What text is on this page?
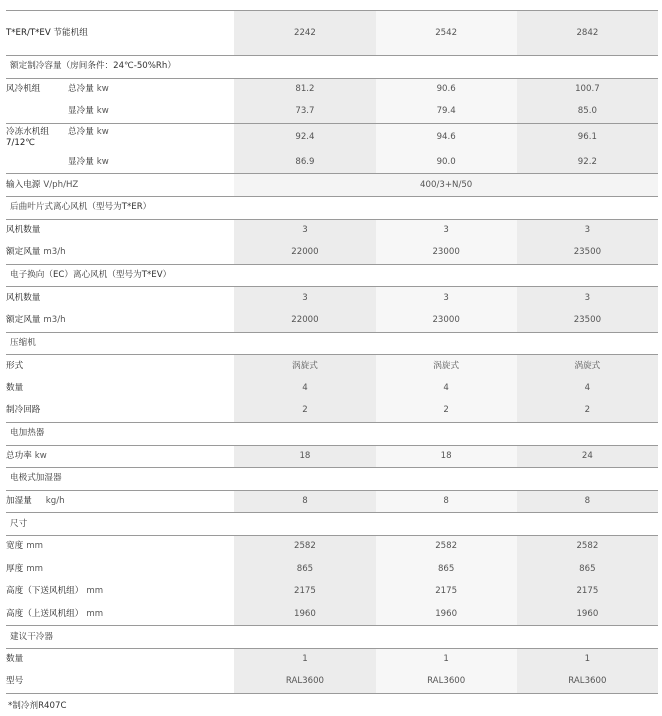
T*ER/T*EV 节能机组	2242	2542	2842
额定制冷容量（房间条件：24℃-50%Rh）			
风冷机组 总冷量 kw	81.2	90.6	100.7
显冷量 kw	73.7	79.4	85.0
冷冻水机组
7/12℃总冷量 kw	92.4	94.6	96.1
显冷量 kw	86.9	90.0	92.2
输入电源 V/ph/HZ	400/3+N/50		
后曲叶片式离心风机（型号为T*ER）			
风机数量	3	3	3
额定风量 m3/h	22000	23000	23500
电子换向（EC）离心风机（型号为T*EV）			
风机数量	3	3	3
额定风量 m3/h	22000	23000	23500
压缩机			
形式	涡旋式	涡旋式	涡旋式
数量	4	4	4
制冷回路	2	2	2
电加热器			
总功率 kw	18	18	24
电极式加湿器			
加湿量 kg/h	8	8	8
尺寸			
宽度 mm	2582	2582	2582
厚度 mm	865	865	865
高度（下送风机组） mm	2175	2175	2175
高度（上送风机组） mm	1960	1960	1960
建议干冷器			
数量	1	1	1
型号	RAL3600	RAL3600	RAL3600
*制冷剂R407C
